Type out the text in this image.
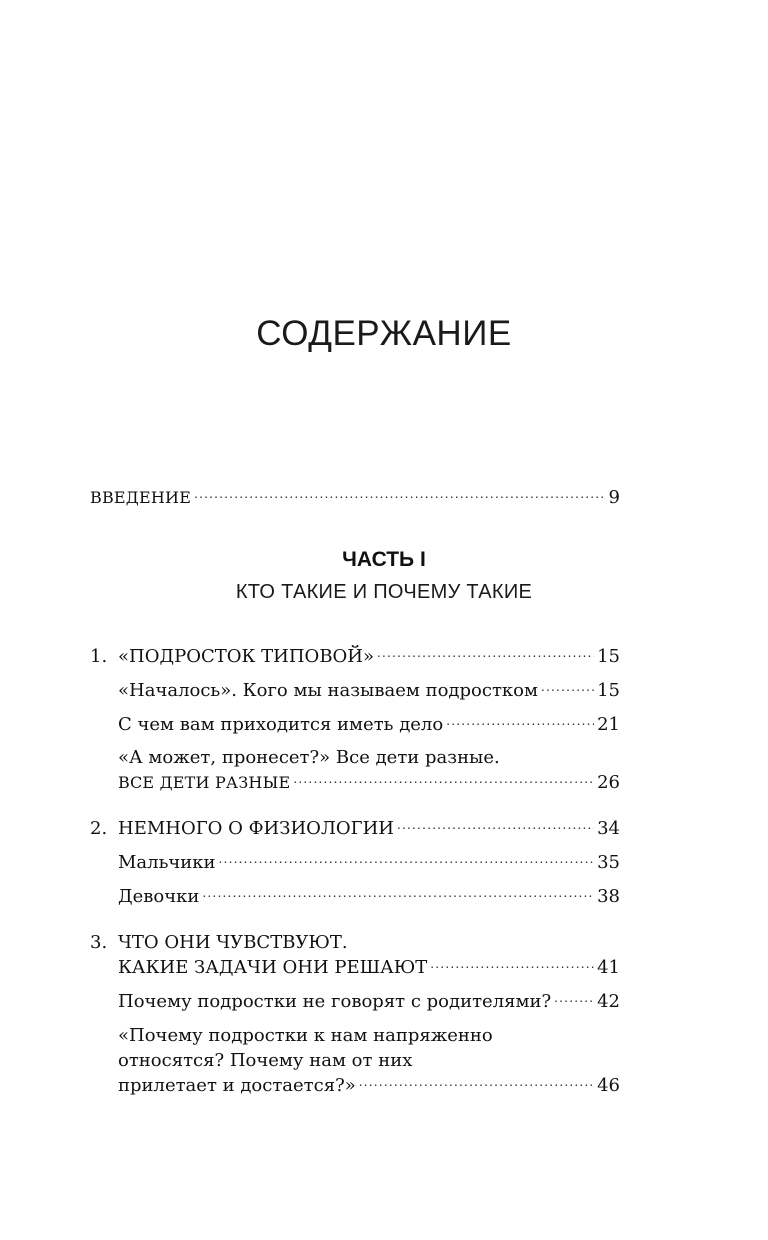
СОДЕРЖАНИЕ
ВВЕДЕНИЕ .....	9
ЧАСТЬ I
КТО ТАКИЕ И ПОЧЕМУ ТАКИЕ
1. «ПОДРОСТОК ТИПОВОЙ» .....	15
«Началось». Кого мы называем подростком .....	15
С чем вам приходится иметь дело .....	21
«А может, пронесет?» Все дети разные.
ВСЕ ДЕТИ РАЗНЫЕ .....	26
2. НЕМНОГО О ФИЗИОЛОГИИ .....	34
Мальчики .....	35
Девочки .....	38
3. ЧТО ОНИ ЧУВСТВУЮТ.
КАКИЕ ЗАДАЧИ ОНИ РЕШАЮТ .....	41
Почему подростки не говорят с родителями? .....	42
«Почему подростки к нам напряженно
относятся? Почему нам от них
прилетает и достается?» .....	46
